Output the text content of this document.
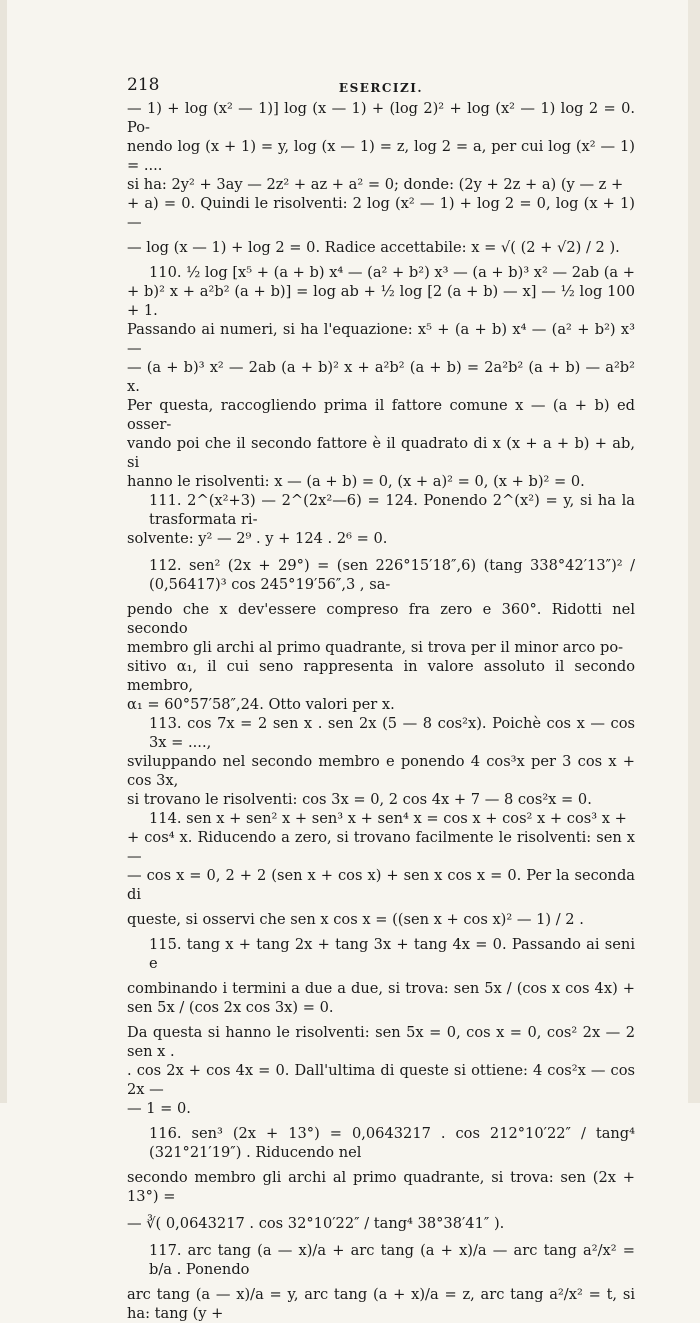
218	ESERCIZI.
— 1) + log (x² — 1)] log (x — 1) + (log 2)² + log (x² — 1) log 2 = 0. Po-
nendo log (x + 1) = y, log (x — 1) = z, log 2 = a, per cui log (x² — 1) = ....
si ha: 2y² + 3ay — 2z² + az + a² = 0; donde: (2y + 2z + a) (y — z +
+ a) = 0. Quindi le risolventi: 2 log (x² — 1) + log 2 = 0, log (x + 1) —
— log (x — 1) + log 2 = 0. Radice accettabile: x = √( (2 + √2) / 2 ).
110. ½ log [x⁵ + (a + b) x⁴ — (a² + b²) x³ — (a + b)³ x² — 2ab (a +
+ b)² x + a²b² (a + b)] = log ab + ½ log [2 (a + b) — x] — ½ log 100 + 1.
Passando ai numeri, si ha l'equazione: x⁵ + (a + b) x⁴ — (a² + b²) x³ —
— (a + b)³ x² — 2ab (a + b)² x + a²b² (a + b) = 2a²b² (a + b) — a²b² x.
Per questa, raccogliendo prima il fattore comune x — (a + b) ed osser-
vando poi che il secondo fattore è il quadrato di x (x + a + b) + ab, si
hanno le risolventi: x — (a + b) = 0, (x + a)² = 0, (x + b)² = 0.
111. 2^(x²+3) — 2^(2x²—6) = 124. Ponendo 2^(x²) = y, si ha la trasformata ri-
solvente: y² — 2⁹ . y + 124 . 2⁶ = 0.
112. sen² (2x + 29°) = (sen 226°15′18″,6) (tang 338°42′13″)² / (0,56417)³ cos 245°19′56″,3 , sa-
pendo che x dev'essere compreso fra zero e 360°. Ridotti nel secondo
membro gli archi al primo quadrante, si trova per il minor arco po-
sitivo α₁, il cui seno rappresenta in valore assoluto il secondo membro,
α₁ = 60°57′58″,24. Otto valori per x.
113. cos 7x = 2 sen x . sen 2x (5 — 8 cos²x). Poichè cos x — cos 3x = ....,
sviluppando nel secondo membro e ponendo 4 cos³x per 3 cos x + cos 3x,
si trovano le risolventi: cos 3x = 0, 2 cos 4x + 7 — 8 cos²x = 0.
114. sen x + sen² x + sen³ x + sen⁴ x = cos x + cos² x + cos³ x +
+ cos⁴ x. Riducendo a zero, si trovano facilmente le risolventi: sen x —
— cos x = 0, 2 + 2 (sen x + cos x) + sen x cos x = 0. Per la seconda di
queste, si osservi che sen x cos x = ((sen x + cos x)² — 1) / 2 .
115. tang x + tang 2x + tang 3x + tang 4x = 0. Passando ai seni e
combinando i termini a due a due, si trova: sen 5x / (cos x cos 4x) + sen 5x / (cos 2x cos 3x) = 0.
Da questa si hanno le risolventi: sen 5x = 0, cos x = 0, cos² 2x — 2 sen x .
. cos 2x + cos 4x = 0. Dall'ultima di queste si ottiene: 4 cos²x — cos 2x —
— 1 = 0.
116. sen³ (2x + 13°) = 0,0643217 . cos 212°10′22″ / tang⁴ (321°21′19″) . Riducendo nel
secondo membro gli archi al primo quadrante, si trova: sen (2x + 13°) =
— ∛( 0,0643217 . cos 32°10′22″ / tang⁴ 38°38′41″ ).
117. arc tang (a — x)/a + arc tang (a + x)/a — arc tang a²/x² = b/a . Ponendo
arc tang (a — x)/a = y, arc tang (a + x)/a = z, arc tang a²/x² = t, si ha: tang (y +
